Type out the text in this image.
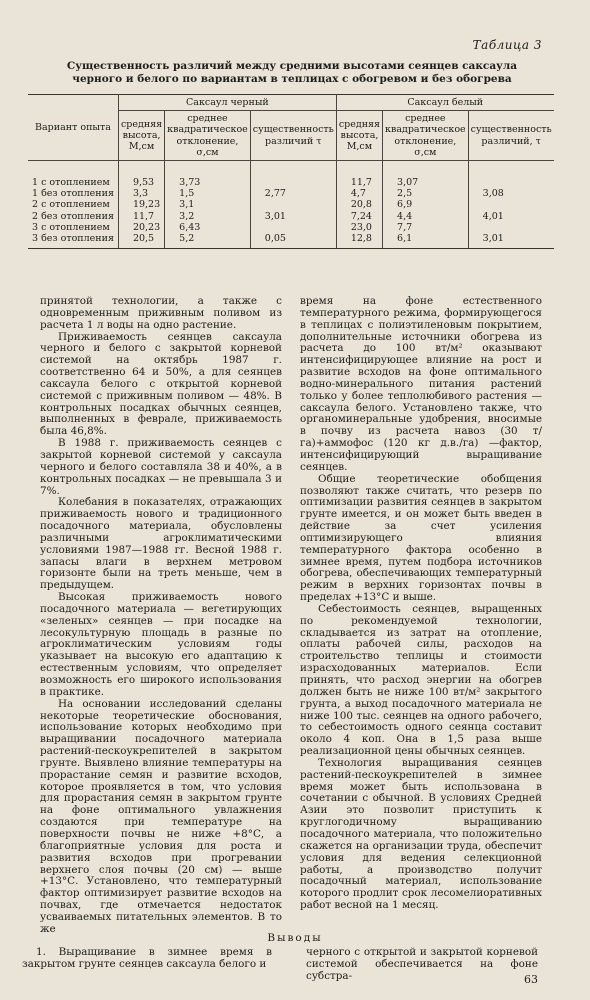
Таблица 3
Существенность различий между средними высотами сеянцев саксаула черного и белого по вариантам в теплицах с обогревом и без обогрева
Вариант опыта	Саксаул черный			Саксаул белый		
	средняя высота, М,см	среднее квадратическое отклонение, σ,см	существенность различий τ	средняя высота, М,см	среднее квадратическое отклонение, σ,см	существенность различий, τ
1 с отоплением	9,53	3,73		11,7	3,07	
1 без отопления	3,3	1,5	2,77	4,7	2,5	3,08
2 с отоплением	19,23	3,1		20,8	6,9	
2 без отопления	11,7	3,2	3,01	7,24	4,4	4,01
3 с отоплением	20,23	6,43		23,0	7,7	
3 без отопления	20,5	5,2	0,05	12,8	6,1	3,01

принятой технологии, а также с одновременным приживным поливом из расчета 1 л воды на одно растение.

Приживаемость сеянцев саксаула черного и белого с закрытой корневой системой на октябрь 1987 г. соответственно 64 и 50%, а для сеянцев саксаула белого с открытой корневой системой с приживным поливом — 48%. В контрольных посадках обычных сеянцев, выполненных в феврале, приживаемость была 46,8%.

В 1988 г. приживаемость сеянцев с закрытой корневой системой у саксаула черного и белого составляла 38 и 40%, а в контрольных посадках — не превышала 3 и 7%.

Колебания в показателях, отражающих приживаемость нового и традиционного посадочного материала, обусловлены различными агроклиматическими условиями 1987—1988 гг. Весной 1988 г. запасы влаги в верхнем метровом горизонте были на треть меньше, чем в предыдущем.

Высокая приживаемость нового посадочного материала — вегетирующих «зеленых» сеянцев — при посадке на лесокультурную площадь в разные по агроклиматическим условиям годы указывает на высокую его адаптацию к естественным условиям, что определяет возможность его широкого использования в практике.

На основании исследований сделаны некоторые теоретические обоснования, использование которых необходимо при выращивании посадочного материала растений-пескоукрепителей в закрытом грунте. Выявлено влияние температуры на прорастание семян и развитие всходов, которое проявляется в том, что условия для прорастания семян в закрытом грунте на фоне оптимального увлажнения создаются при температуре на поверхности почвы не ниже +8°С, а благоприятные условия для роста и развития всходов при прогревании верхнего слоя почвы (20 см) — выше +13°С. Установлено, что температурный фактор оптимизирует развитие всходов на почвах, где отмечается недостаток усваиваемых питательных элементов. В то же

время на фоне естественного температурного режима, формирующегося в теплицах с полиэтиленовым покрытием, дополнительные источники обогрева из расчета до 100 вт/м² оказывают интенсифицирующее влияние на рост и развитие всходов на фоне оптимального водно-минерального питания растений только у более теплолюбивого растения — саксаула белого. Установлено также, что органоминеральные удобрения, вносимые в почву из расчета навоз (30 т/га)+аммофос (120 кг д.в./га) —фактор, интенсифицирующий выращивание сеянцев.

Общие теоретические обобщения позволяют также считать, что резерв по оптимизации развития сеянцев в закрытом грунте имеется, и он может быть введен в действие за счет усиления оптимизирующего влияния температурного фактора особенно в зимнее время, путем подбора источников обогрева, обеспечивающих температурный режим в верхних горизонтах почвы в пределах +13°С и выше.

Себестоимость сеянцев, выращенных по рекомендуемой технологии, складывается из затрат на отопление, оплаты рабочей силы, расходов на строительство теплицы и стоимости израсходованных материалов. Если принять, что расход энергии на обогрев должен быть не ниже 100 вт/м² закрытого грунта, а выход посадочного материала не ниже 100 тыс. сеянцев на одного рабочего, то себестоимость одного сеянца составит около 4 коп. Она в 1,5 раза выше реализационной цены обычных сеянцев.

Технология выращивания сеянцев растений-пескоукрепителей в зимнее время может быть использована в сочетании с обычной. В условиях Средней Азии это позволит приступить к круглогодичному выращиванию посадочного материала, что положительно скажется на организации труда, обеспечит условия для ведения селекционной работы, а производство получит посадочный материал, использование которого продлит срок лесомелиоративных работ весной на 1 месяц.

Выводы

1. Выращивание в зимнее время в закрытом грунте сеянцев саксаула белого и

черного с открытой и закрытой корневой системой обеспечивается на фоне субстра-	63
